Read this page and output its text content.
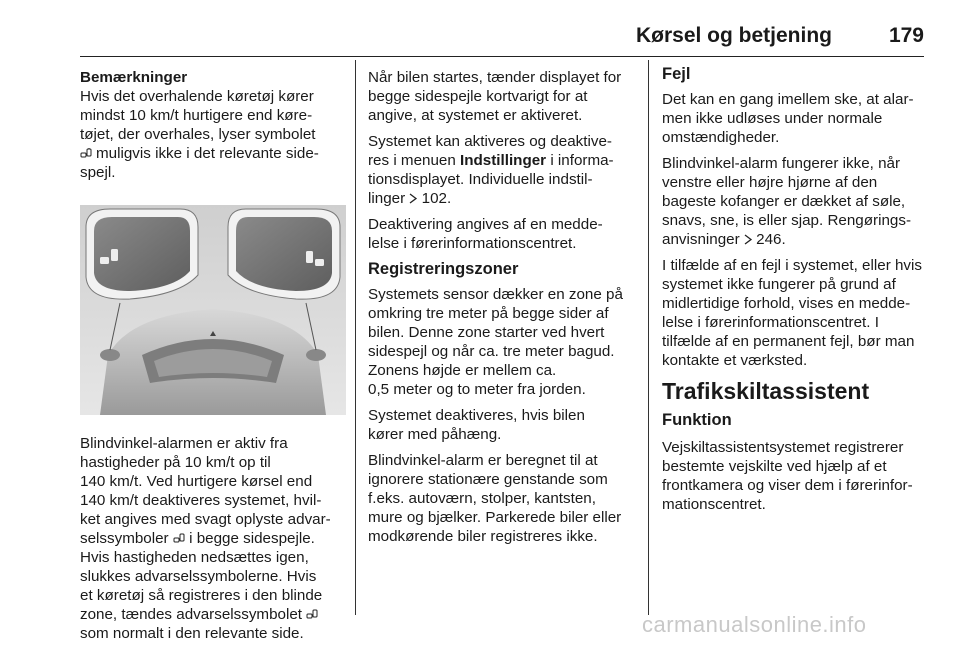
Kørsel og betjening	179
Bemærkninger

Hvis det overhalende køretøj kører
mindst 10 km/t hurtigere end køre-
tøjet, der overhales, lyser symbolet
muligvis ikke i det relevante side-
spejl.

Blindvinkel-alarmen er aktiv fra
hastigheder på 10 km/t op til
140 km/t. Ved hurtigere kørsel end
140 km/t deaktiveres systemet, hvil-
ket angives med svagt oplyste advar-
selssymboler i begge sidespejle.
Hvis hastigheden nedsættes igen,
slukkes advarselssymbolerne. Hvis
et køretøj så registreres i den blinde
zone, tændes advarselssymbolet
som normalt i den relevante side.

Når bilen startes, tænder displayet for
begge sidespejle kortvarigt for at
angive, at systemet er aktiveret.

Systemet kan aktiveres og deaktive-
res i menuen Indstillinger i informa-
tionsdisplayet. Individuelle indstil-
linger 102.

Deaktivering angives af en medde-
lelse i førerinformationscentret.

Registreringszoner

Systemets sensor dækker en zone på
omkring tre meter på begge sider af
bilen. Denne zone starter ved hvert
sidespejl og når ca. tre meter bagud.
Zonens højde er mellem ca.
0,5 meter og to meter fra jorden.

Systemet deaktiveres, hvis bilen
kører med påhæng.

Blindvinkel-alarm er beregnet til at
ignorere stationære genstande som
f.eks. autoværn, stolper, kantsten,
mure og bjælker. Parkerede biler eller
modkørende biler registreres ikke.

Fejl

Det kan en gang imellem ske, at alar-
men ikke udløses under normale
omstændigheder.

Blindvinkel-alarm fungerer ikke, når
venstre eller højre hjørne af den
bageste kofanger er dækket af søle,
snavs, sne, is eller sjap. Rengørings-
anvisninger 246.

I tilfælde af en fejl i systemet, eller hvis
systemet ikke fungerer på grund af
midlertidige forhold, vises en medde-
lelse i førerinformationscentret. I
tilfælde af en permanent fejl, bør man
kontakte et værksted.

Trafikskiltassistent
Funktion

Vejskiltassistentsystemet registrerer
bestemte vejskilte ved hjælp af et
frontkamera og viser dem i førerinfor-
mationscentret.

carmanualsonline.info
